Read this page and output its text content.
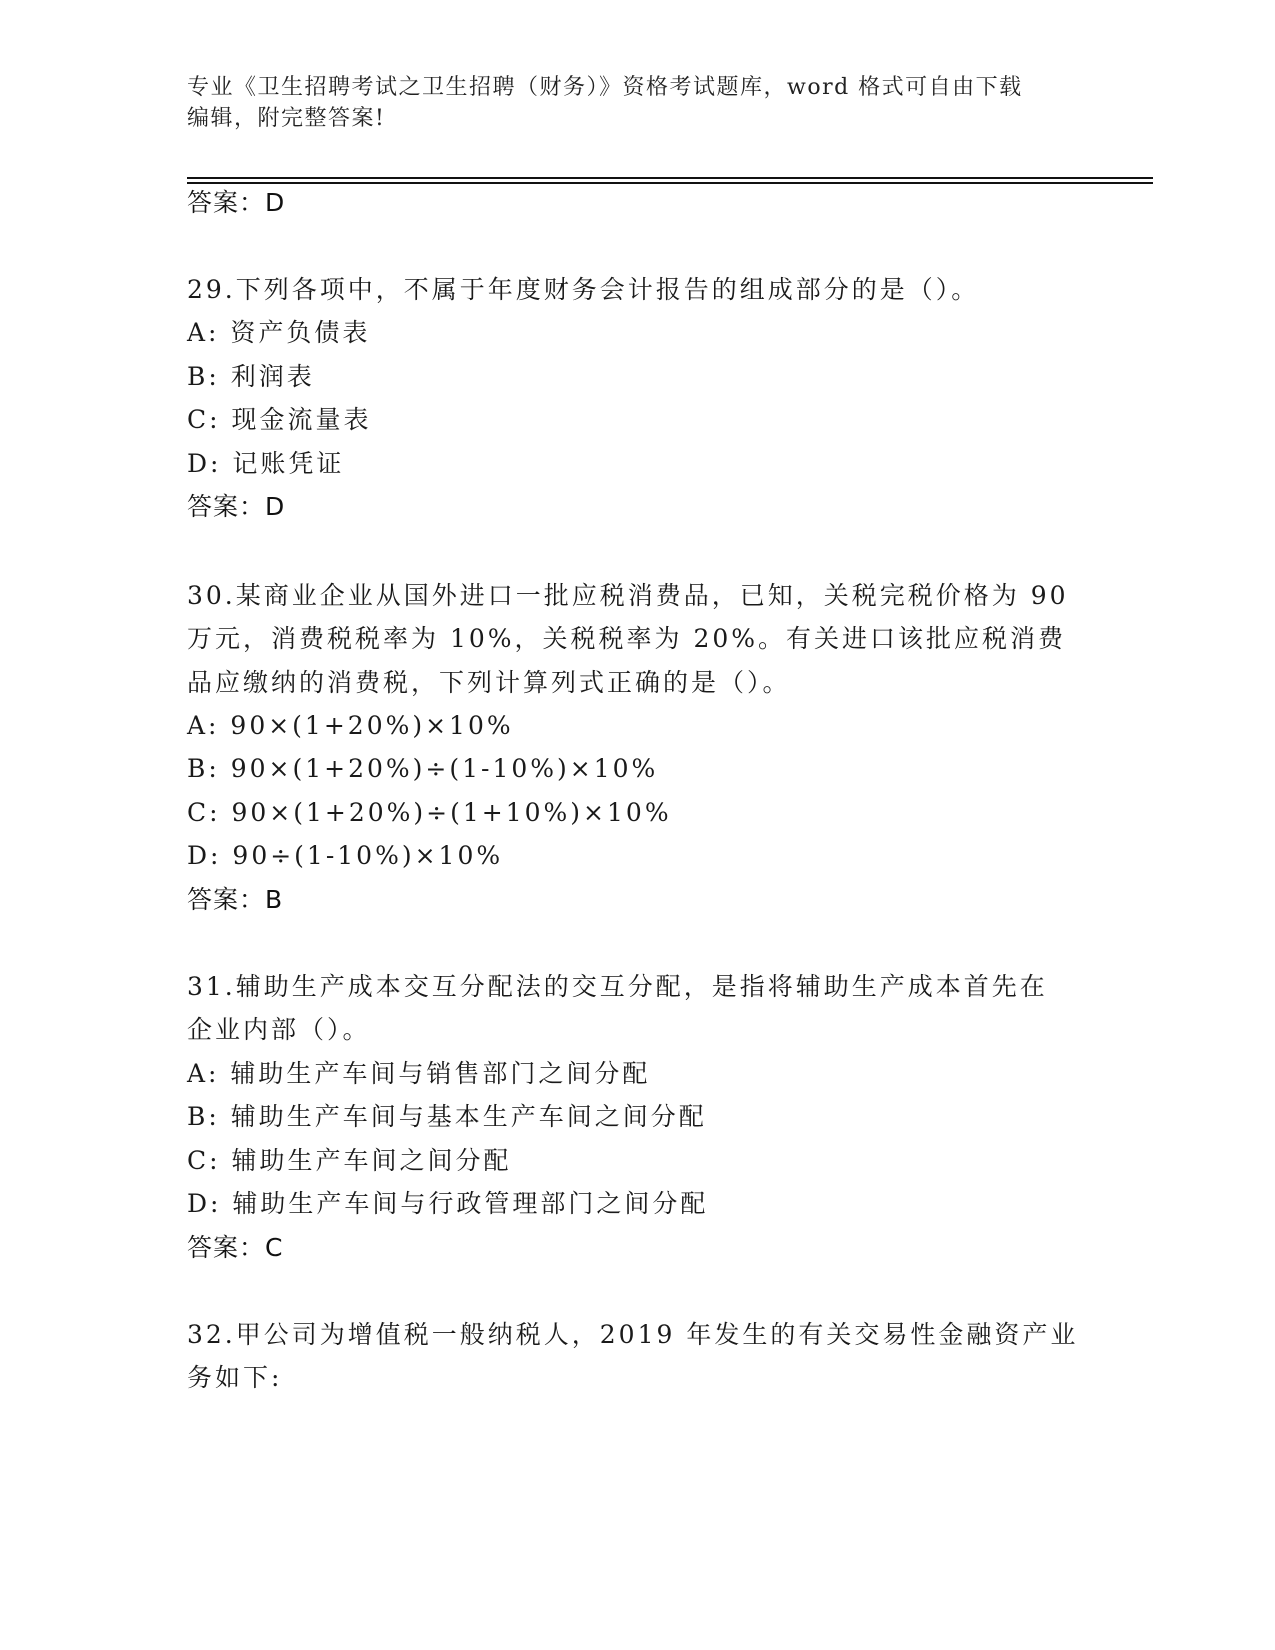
专业《卫生招聘考试之卫生招聘（财务）》资格考试题库，word 格式可自由下载
编辑，附完整答案!
答案：D
29.下列各项中，不属于年度财务会计报告的组成部分的是（）。
A: 资产负债表
B: 利润表
C: 现金流量表
D: 记账凭证
答案：D
30.某商业企业从国外进口一批应税消费品，已知，关税完税价格为 90
万元，消费税税率为 10%，关税税率为 20%。有关进口该批应税消费
品应缴纳的消费税，下列计算列式正确的是（）。
A: 90×(1+20%)×10%
B: 90×(1+20%)÷(1-10%)×10%
C: 90×(1+20%)÷(1+10%)×10%
D: 90÷(1-10%)×10%
答案：B
31.辅助生产成本交互分配法的交互分配，是指将辅助生产成本首先在
企业内部（）。
A: 辅助生产车间与销售部门之间分配
B: 辅助生产车间与基本生产车间之间分配
C: 辅助生产车间之间分配
D: 辅助生产车间与行政管理部门之间分配
答案：C
32.甲公司为增值税一般纳税人，2019 年发生的有关交易性金融资产业
务如下:
